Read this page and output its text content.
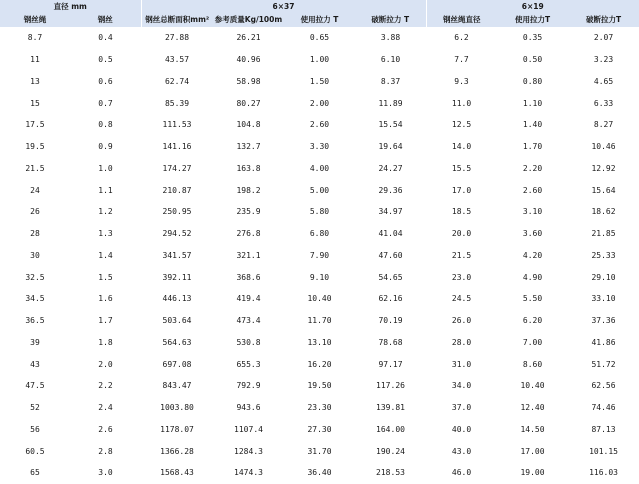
直径 mm		6×37				6×19		
钢丝绳	钢丝	钢丝总断面积mm²	参考质量Kg/100m	使用拉力 T	破断拉力 T	钢丝绳直径	使用拉力T	破断拉力T
8.7	0.4	27.88	26.21	0.65	3.88	6.2	0.35	2.07
11	0.5	43.57	40.96	1.00	6.10	7.7	0.50	3.23
13	0.6	62.74	58.98	1.50	8.37	9.3	0.80	4.65
15	0.7	85.39	80.27	2.00	11.89	11.0	1.10	6.33
17.5	0.8	111.53	104.8	2.60	15.54	12.5	1.40	8.27
19.5	0.9	141.16	132.7	3.30	19.64	14.0	1.70	10.46
21.5	1.0	174.27	163.8	4.00	24.27	15.5	2.20	12.92
24	1.1	210.87	198.2	5.00	29.36	17.0	2.60	15.64
26	1.2	250.95	235.9	5.80	34.97	18.5	3.10	18.62
28	1.3	294.52	276.8	6.80	41.04	20.0	3.60	21.85
30	1.4	341.57	321.1	7.90	47.60	21.5	4.20	25.33
32.5	1.5	392.11	368.6	9.10	54.65	23.0	4.90	29.10
34.5	1.6	446.13	419.4	10.40	62.16	24.5	5.50	33.10
36.5	1.7	503.64	473.4	11.70	70.19	26.0	6.20	37.36
39	1.8	564.63	530.8	13.10	78.68	28.0	7.00	41.86
43	2.0	697.08	655.3	16.20	97.17	31.0	8.60	51.72
47.5	2.2	843.47	792.9	19.50	117.26	34.0	10.40	62.56
52	2.4	1003.80	943.6	23.30	139.81	37.0	12.40	74.46
56	2.6	1178.07	1107.4	27.30	164.00	40.0	14.50	87.13
60.5	2.8	1366.28	1284.3	31.70	190.24	43.0	17.00	101.15
65	3.0	1568.43	1474.3	36.40	218.53	46.0	19.00	116.03
